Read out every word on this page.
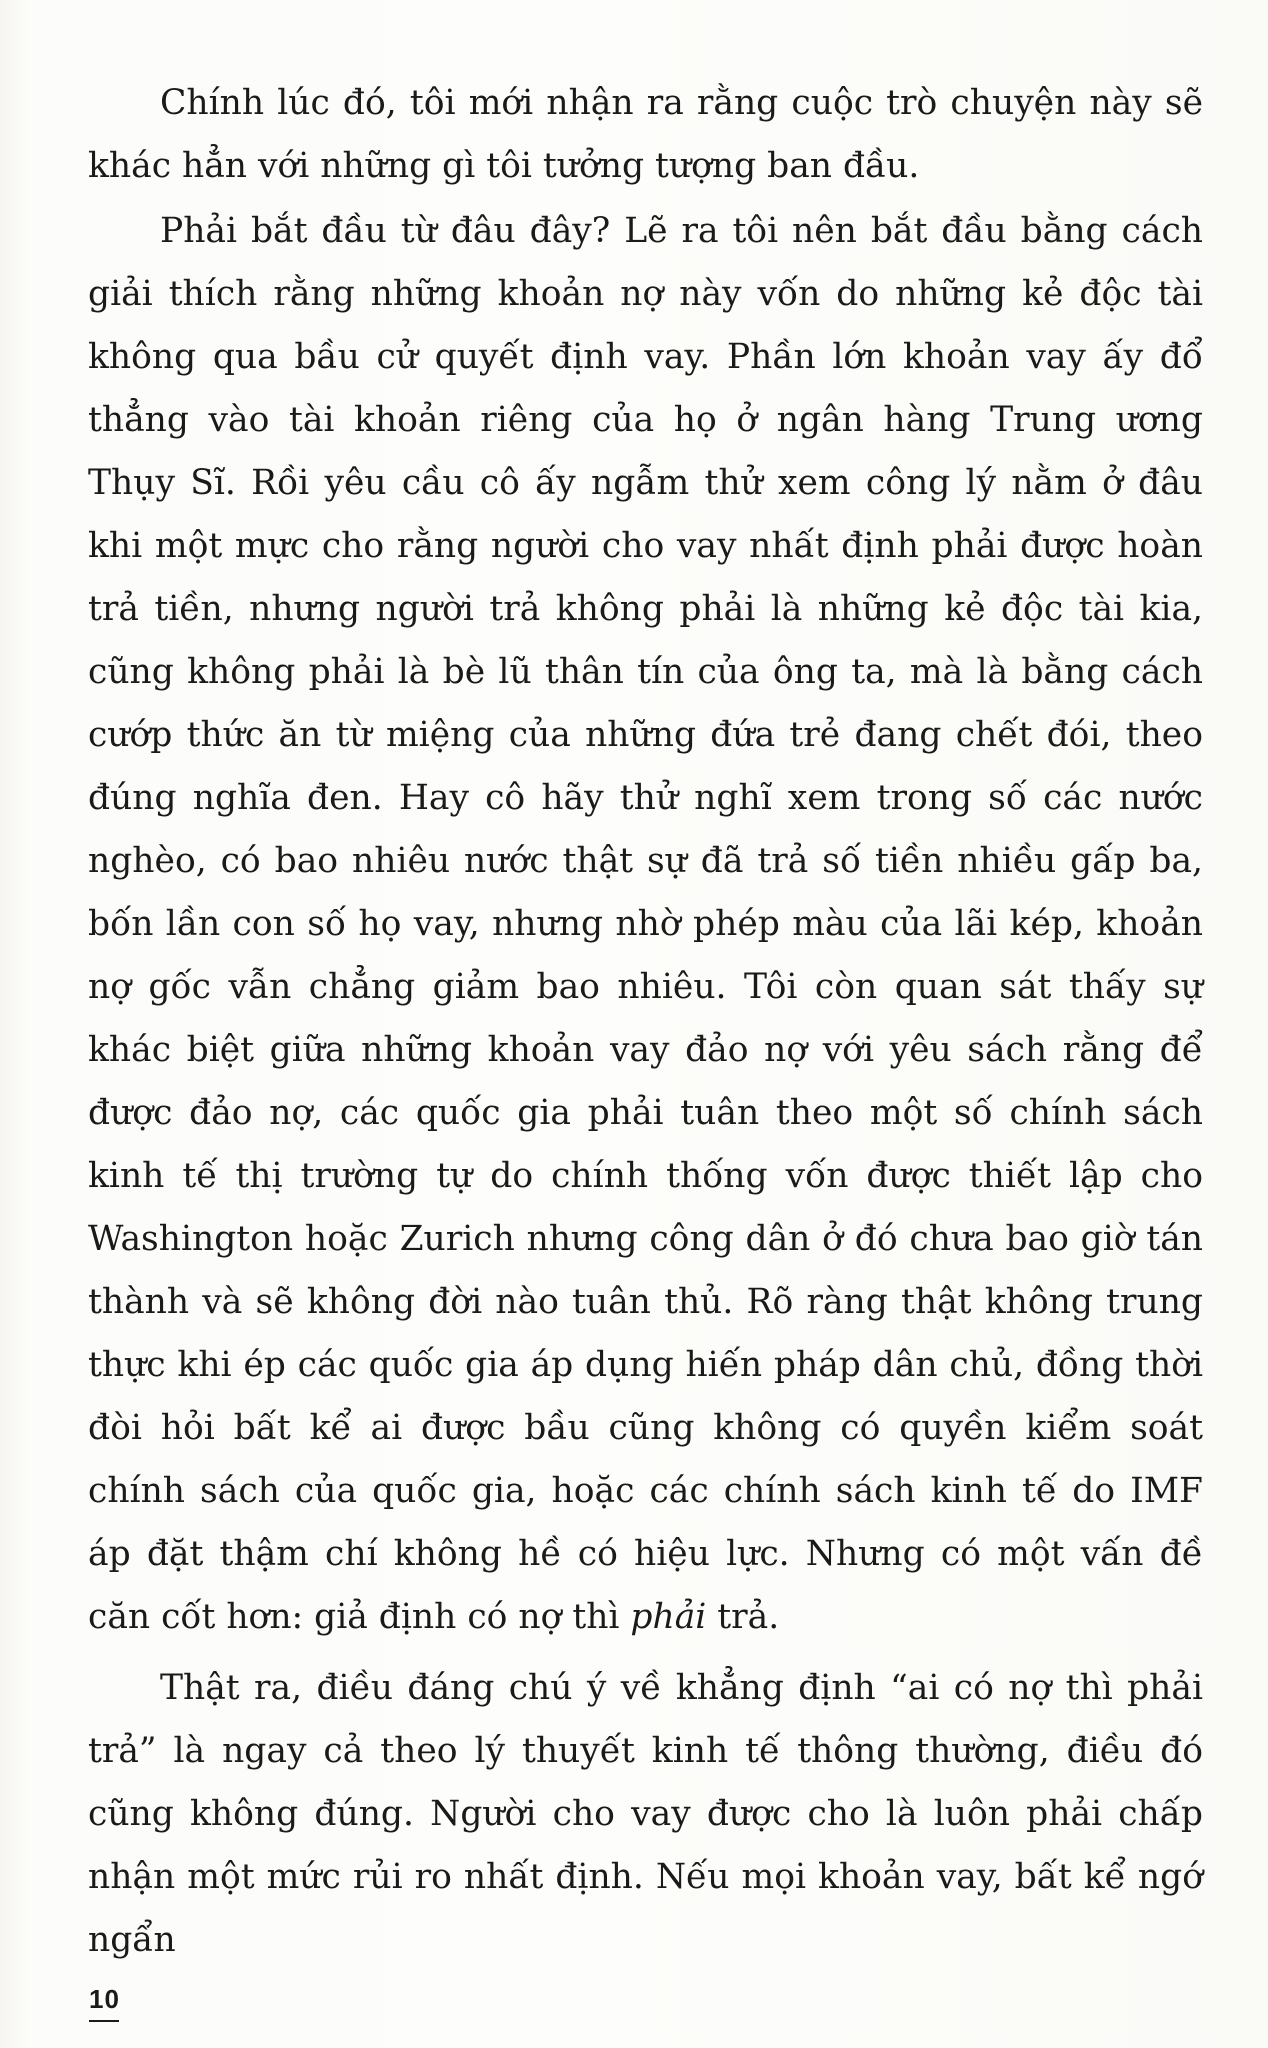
Chính lúc đó, tôi mới nhận ra rằng cuộc trò chuyện này sẽ khác hẳn với những gì tôi tưởng tượng ban đầu.

Phải bắt đầu từ đâu đây? Lẽ ra tôi nên bắt đầu bằng cách giải thích rằng những khoản nợ này vốn do những kẻ độc tài không qua bầu cử quyết định vay. Phần lớn khoản vay ấy đổ thẳng vào tài khoản riêng của họ ở ngân hàng Trung ương Thụy Sĩ. Rồi yêu cầu cô ấy ngẫm thử xem công lý nằm ở đâu khi một mực cho rằng người cho vay nhất định phải được hoàn trả tiền, nhưng người trả không phải là những kẻ độc tài kia, cũng không phải là bè lũ thân tín của ông ta, mà là bằng cách cướp thức ăn từ miệng của những đứa trẻ đang chết đói, theo đúng nghĩa đen. Hay cô hãy thử nghĩ xem trong số các nước nghèo, có bao nhiêu nước thật sự đã trả số tiền nhiều gấp ba, bốn lần con số họ vay, nhưng nhờ phép màu của lãi kép, khoản nợ gốc vẫn chẳng giảm bao nhiêu. Tôi còn quan sát thấy sự khác biệt giữa những khoản vay đảo nợ với yêu sách rằng để được đảo nợ, các quốc gia phải tuân theo một số chính sách kinh tế thị trường tự do chính thống vốn được thiết lập cho Washington hoặc Zurich nhưng công dân ở đó chưa bao giờ tán thành và sẽ không đời nào tuân thủ. Rõ ràng thật không trung thực khi ép các quốc gia áp dụng hiến pháp dân chủ, đồng thời đòi hỏi bất kể ai được bầu cũng không có quyền kiểm soát chính sách của quốc gia, hoặc các chính sách kinh tế do IMF áp đặt thậm chí không hề có hiệu lực. Nhưng có một vấn đề căn cốt hơn: giả định có nợ thì phải trả.

Thật ra, điều đáng chú ý về khẳng định “ai có nợ thì phải trả” là ngay cả theo lý thuyết kinh tế thông thường, điều đó cũng không đúng. Người cho vay được cho là luôn phải chấp nhận một mức rủi ro nhất định. Nếu mọi khoản vay, bất kể ngớ ngẩn

10
